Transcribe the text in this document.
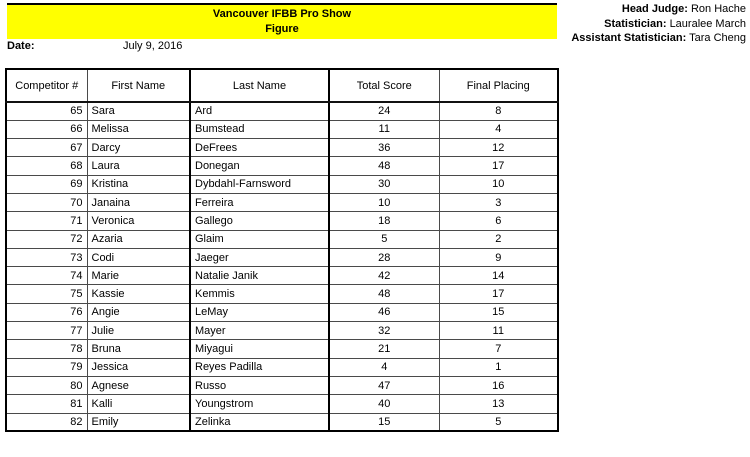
Vancouver IFBB Pro Show
Figure
Head Judge: Ron Hache
Statistician: Lauralee March
Assistant Statistician: Tara Cheng
Date:	July 9, 2016
Competitor #	First Name	Last Name	Total Score	Final Placing
65	Sara	Ard	24	8
66	Melissa	Bumstead	11	4
67	Darcy	DeFrees	36	12
68	Laura	Donegan	48	17
69	Kristina	Dybdahl-Farnsword	30	10
70	Janaina	Ferreira	10	3
71	Veronica	Gallego	18	6
72	Azaria	Glaim	5	2
73	Codi	Jaeger	28	9
74	Marie	Natalie Janik	42	14
75	Kassie	Kemmis	48	17
76	Angie	LeMay	46	15
77	Julie	Mayer	32	11
78	Bruna	Miyagui	21	7
79	Jessica	Reyes Padilla	4	1
80	Agnese	Russo	47	16
81	Kalli	Youngstrom	40	13
82	Emily	Zelinka	15	5
